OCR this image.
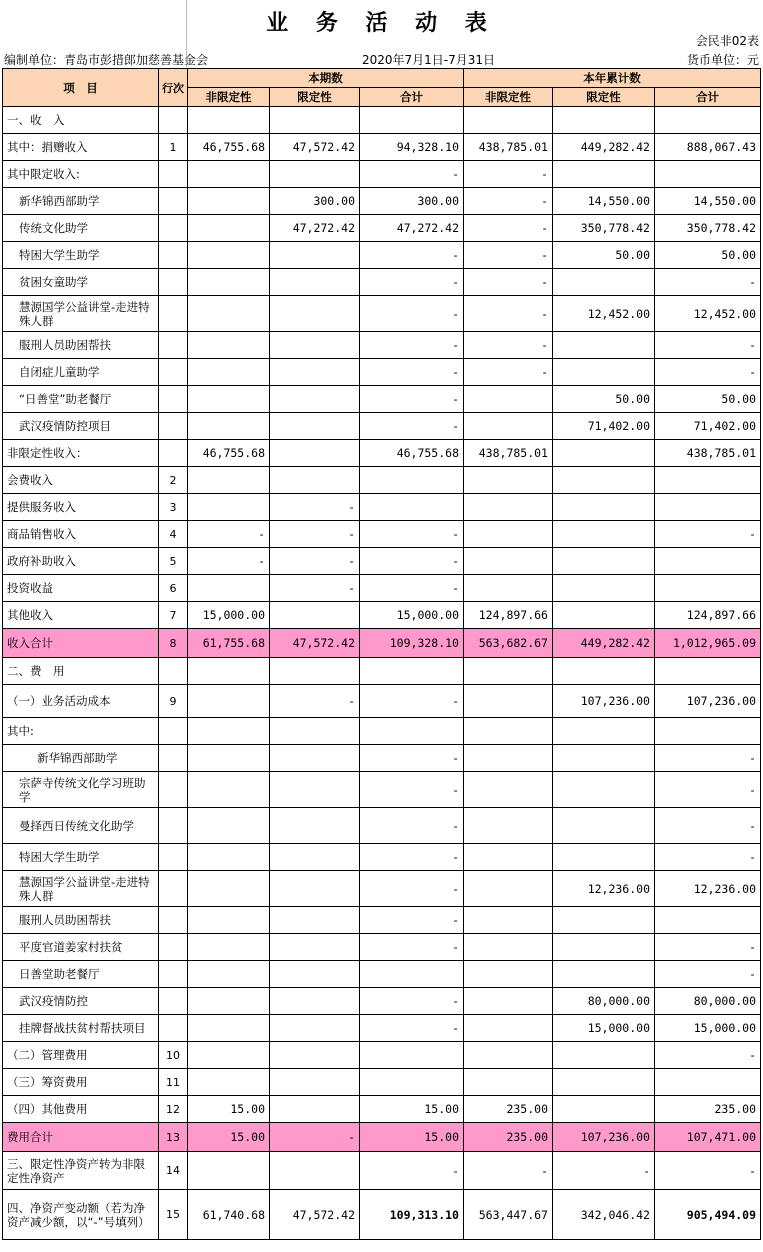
业 务 活 动 表
会民非02表
编制单位：青岛市彭措郎加慈善基金会	2020年7月1日-7月31日	货币单位：元
项　目	行次	本期数			本年累计数		
		非限定性	限定性	合计	非限定性	限定性	合计
一、收　入							
其中：捐赠收入	1	46,755.68	47,572.42	94,328.10	438,785.01	449,282.42	888,067.43
其中限定收入:				-	-		
新华锦西部助学			300.00	300.00	-	14,550.00	14,550.00
传统文化助学			47,272.42	47,272.42	-	350,778.42	350,778.42
特困大学生助学				-	-	50.00	50.00
贫困女童助学				-	-		-
慧源国学公益讲堂-走进特殊人群				-	-	12,452.00	12,452.00
服刑人员助困帮扶				-	-		-
自闭症儿童助学				-	-		-
“日善堂”助老餐厅				-		50.00	50.00
武汉疫情防控项目				-		71,402.00	71,402.00
非限定性收入：		46,755.68		46,755.68	438,785.01		438,785.01
会费收入	2						
提供服务收入	3		-				
商品销售收入	4	-	-	-			-
政府补助收入	5	-	-	-			
投资收益	6		-	-			
其他收入	7	15,000.00		15,000.00	124,897.66		124,897.66
收入合计	8	61,755.68	47,572.42	109,328.10	563,682.67	449,282.42	1,012,965.09
二、费　用							
（一）业务活动成本	9		-	-		107,236.00	107,236.00
其中:							
新华锦西部助学				-			-
宗萨寺传统文化学习班助学				-			-
曼择西日传统文化助学				-			-
特困大学生助学				-			-
慧源国学公益讲堂-走进特殊人群				-		12,236.00	12,236.00
服刑人员助困帮扶				-			
平度官道姜家村扶贫				-			-
日善堂助老餐厅							-
武汉疫情防控				-		80,000.00	80,000.00
挂牌督战扶贫村帮扶项目				-		15,000.00	15,000.00
（二）管理费用	10						-
（三）筹资费用	11						
（四）其他费用	12	15.00		15.00	235.00		235.00
费用合计	13	15.00	-	15.00	235.00	107,236.00	107,471.00
三、限定性净资产转为非限定性净资产	14			-	-	-	-
四、净资产变动额（若为净资产减少额，以“-”号填列）	15	61,740.68	47,572.42	109,313.10	563,447.67	342,046.42	905,494.09
